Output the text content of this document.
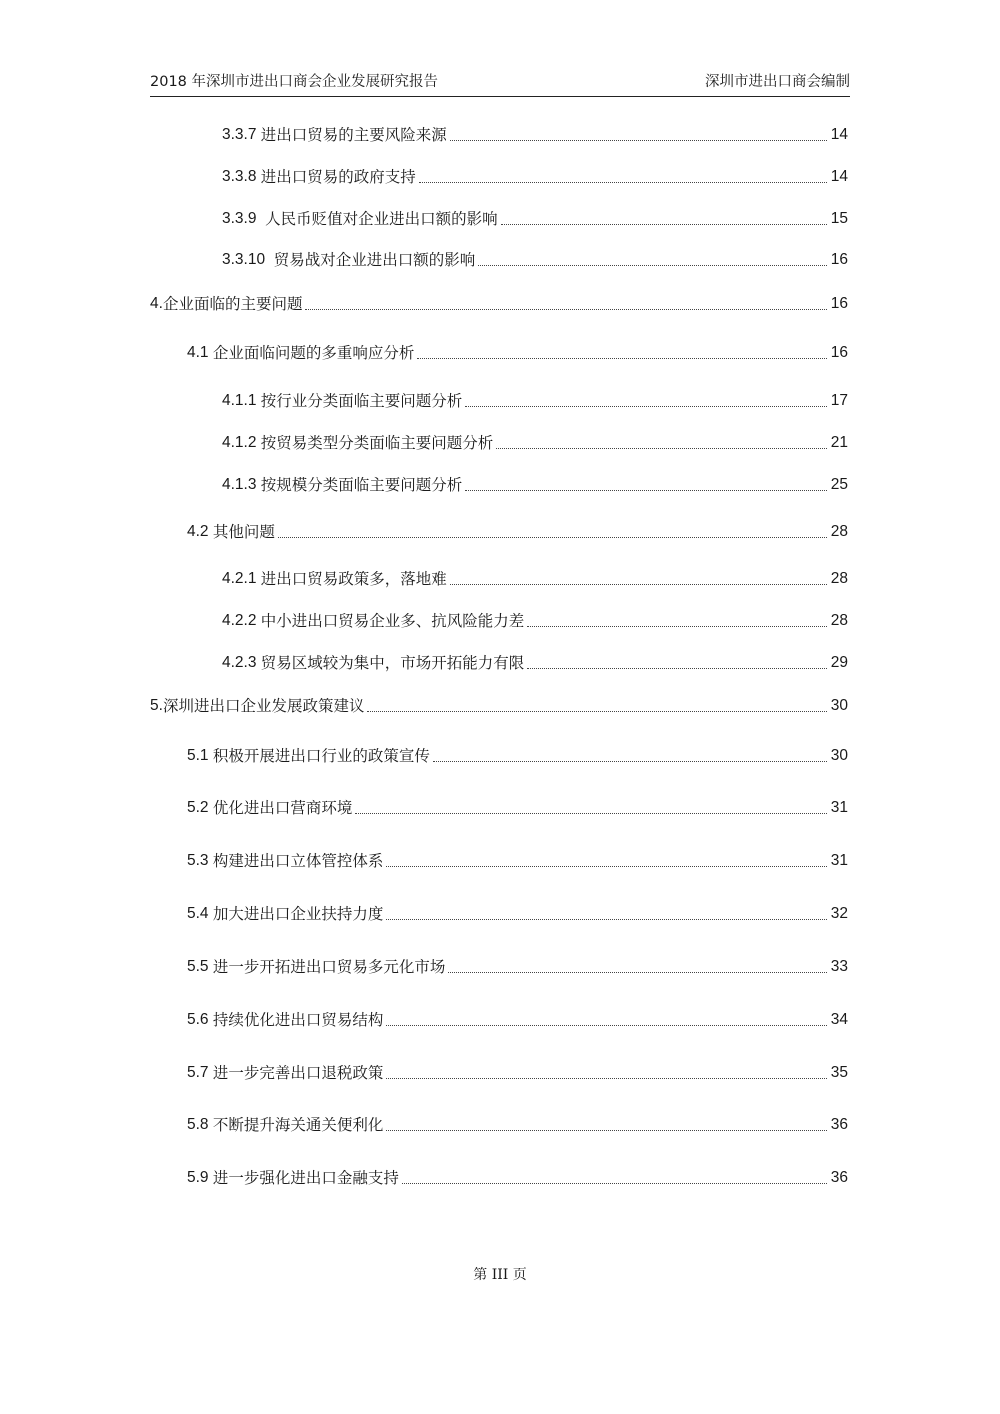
2018 年深圳市进出口商会企业发展研究报告	深圳市进出口商会编制
3.3.7 进出口贸易的主要风险来源	14
3.3.8 进出口贸易的政府支持	14
3.3.9 人民币贬值对企业进出口额的影响	15
3.3.10 贸易战对企业进出口额的影响	16
4. 企业面临的主要问题	16
4.1 企业面临问题的多重响应分析	16
4.1.1 按行业分类面临主要问题分析	17
4.1.2 按贸易类型分类面临主要问题分析	21
4.1.3 按规模分类面临主要问题分析	25
4.2 其他问题	28
4.2.1 进出口贸易政策多，落地难	28
4.2.2 中小进出口贸易企业多、抗风险能力差	28
4.2.3 贸易区域较为集中，市场开拓能力有限	29
5. 深圳进出口企业发展政策建议	30
5.1 积极开展进出口行业的政策宣传	30
5.2 优化进出口营商环境	31
5.3 构建进出口立体管控体系	31
5.4 加大进出口企业扶持力度	32
5.5 进一步开拓进出口贸易多元化市场	33
5.6 持续优化进出口贸易结构	34
5.7 进一步完善出口退税政策	35
5.8 不断提升海关通关便利化	36
5.9 进一步强化进出口金融支持	36
第 III 页
